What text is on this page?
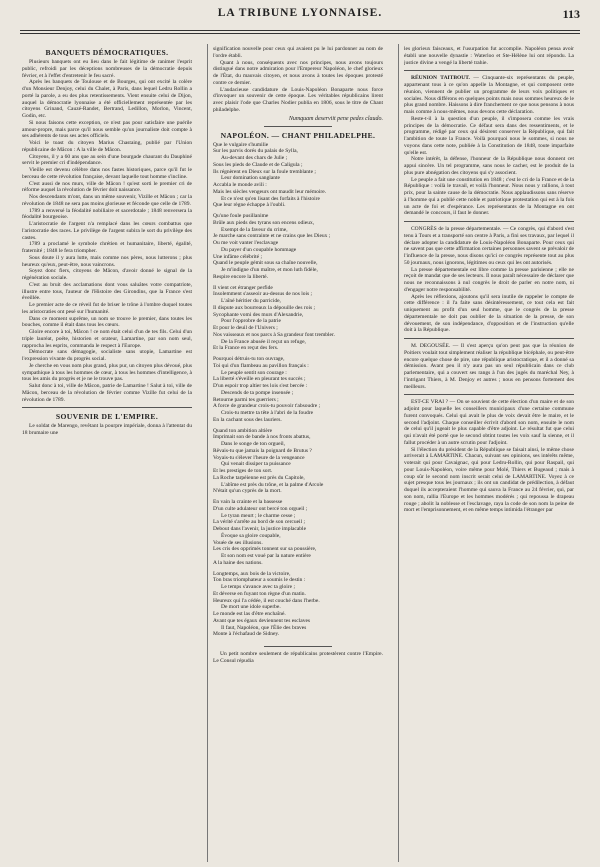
LA TRIBUNE LYONNAISE.	113
BANQUETS DÉMOCRATIQUES.

Plusieurs banquets ont eu lieu dans le fait légitime de ranimer l'esprit public, refroidi par les déceptions nombreuses de la démocratie depuis février, et à l'effet d'entretenir le feu sacré.

Après les banquets de Toulouse et de Bourges, qui ont excité la colère d'un Monsieur Denjoy, celui du Chalet, à Paris, dans lequel Ledru Rollin a porté la parole, a eu des plus retentissements. Vient ensuite celui de Dijon, auquel la démocratie lyonnaise a été officiellement représentée par les citoyens Grinand, Cauzé-Randet, Bertrand, Ledillon, Morlon, Vincent, Godin, etc.

Si nous faisons cette exception, ce n'est pas pour satisfaire une puérile amour-propre, mais parce qu'il nous semble qu'un journaliste doit compte à ses adhérents de tous ses actes officiels.

Voici le toast du citoyen Marius Chastaing, publié par l'Union républicaine de Mâcon : A la ville de Mâcon.

Citoyens, il y a 60 ans que au sein d'une bourgade chaurant du Dauphiné servit le premier cri d'indépendance.

Vieille est devenu célèbre dans nos fastes historiques, parce qu'il fut le berceau de cette révolution française, devant laquelle tout homme s'incline.

C'est aussi de nos murs, ville de Mâcon ! qu'est sorti le premier cri de réforme auquel la révolution de février doit naissance.

Nos descendants m'ont, dans un même souvenir, Vizille et Mâcon ; car la révolution de 1848 ne sera pas moins glorieuse et féconde que celle de 1789.

1789 a renversé la féodalité nobiliaire et sacerdotale ; 1848 renversera la féodalité bourgeoise.

L'aristocratie de l'argent n'a remplacé dans les cœurs combattus que l'aristocratie des races. Le privilège de l'argent subira le sort du privilège des castes.

1789 a proclamé le symbole chrétien et humanitaire, liberté, égalité, fraternité ; 1848 le fera triompher.

Sous doute il y aura lutte, mais comme nos pères, nous lutterons ; plus heureux qu'eux, peut-être, nous vaincrons.

Soyez donc fiers, citoyens de Mâcon, d'avoir donné le signal de la régénération sociale.

C'est au bruit des acclamations dont vous saluâtes votre compatriote, illustre entre tous, l'auteur de l'Histoire des Girondins, que la France s'est éveillée.

Le premier acte de ce réveil fut de briser le trône à l'ombre duquel toutes les aristocraties ont pesé sur l'humanité.

Dans ce moment suprême, un nom se trouve le premier, dans toutes les bouches, comme il était dans tous les cœurs.

Gloire encore à toi, Mâcon ! ce nom était celui d'un de tes fils. Celui d'un triple lauréat, poëte, historien et orateur, Lamartine, par son nom seul, rapprocha les esprits, commanda le respect à l'Europe.

Démocrate sans démagogie, socialiste sans utopie, Lamartine est l'expression vivante du progrès social.

Je cherche en vous nom plus grand, plus pur, un citoyen plus dévoué, plus sympathique à tous les hommes de cœur, à tous les hommes d'intelligence, à tous les amis du progrès et je ne le trouve pas.

Salut donc à toi, ville de Mâcon, patrie de Lamartine ! Salut à toi, ville de Mâcon, berceau de la révolution de février comme Vizille fut celui de la révolution de 1789.

SOUVENIR DE L'EMPIRE.

Le soldat de Marengo, revêtant la pourpre impériale, donna à l'attentat du 18 brumaire une

signification nouvelle pour ceux qui avaient pu le lui pardonner au nom de l'ordre établi.

Quant à nous, conséquents avec nos principes, nous avons toujours distingué dans notre admiration pour l'Empereur Napoléon, le chef glorieux de l'État, du mauvais citoyen, et nous avons à toutes les époques protesté contre ce dernier.

L'audacieuse candidature de Louis-Napoléon Bonaparte nous force d'invoquer un souvenir de cette époque. Les véritables républicains lirent avec plaisir l'ode que Charles Nodier publia en 1806, sous le titre de Chant philadelphe.

Numquam deserviit pene pedes claudo.
NAPOLÉON. — CHANT PHILADELPHE.
Que le vulgaire s'humilie
Sur les parvis dorés du palais de Sylla,
Au-devant des chars de Julie ;
Sous les pieds de Claude et de Caligula ;
Ils régnèrent en Dieux sur la foule tremblante ;
Leur domination sanglante
Accabla le monde avili :
Mais les siècles vengeurs ont maudit leur mémoire.
Et ce n'est qu'en lisant des forfaits à l'histoire
Que leur règne échappe à l'oubli.
Qu'une foule pusillanime
Brûle aux pieds des tyrans son encens odieux,
Exempt de la faveur du crime,
Je marche sans contrainte et ne crains que les Dieux ;
Ou me voit vanter l'esclavage
Du payer d'un coupable hommage
Une infâme célébrité ;
Quand le peuple gémit sous sa chaîne nouvelle,
Je m'indigne d'un maître, et mon luth fidèle,
Respire encore la liberté.
Il vient cet étranger perfide
Insolemment s'asseoir au-dessus de nos lois ;
L'aîné héritier du parricide,
Il dispute aux bourreaux la dépouille des rois ;
Sycophante vomi des murs d'Alexandrie,
Pour l'opprobre de la patrie
Et pour le deuil de l'Univers ;
Nos vaisseaux et nos parcs à Sa grandeur font trembler.
De la France abusée il reçut un refuge,
Et la France en reçut des fers.
Pourquoi détruis-tu ton ouvrage,
Toi qui d'un flambeau au pavillon français :
Le peuple sentit son courage :
La liberté s'éveille en pleurant tes succès ;
D'un espoir trop altier tes lois s'est bercée :
Descends de ta pompe insensée ;
Retourne parmi tes guerriers ;
A force de grandeur crois-tu pouvoir t'absoudre ;
Crois-tu mettre ta tête à l'abri de la foudre
En la cachant sous des lauriers.
Quand ton ambition altière
Imprimait son de bande à nos fronts abattus,
Dans le songe de ton orgueil,
Rêvais-tu que jamais la poignard de Brutus ?
Voyais-tu s'élever l'heure de la vengeance
Qui venait dissiper ta puissance
Et les prestiges de ton sort.
La Roche tarpéienne est près du Capitole,
L'abîme est près du trône, et la palme d'Arcole
N'était qu'un cyprès de la mort.
En vain la crainte et la bassesse
D'un culte adulateur ont bercé ton orgueil ;
Le tyran meurt ; le charme cesse ;
La vérité s'arrête au bord de son cercueil ;
Debout dans l'avenir, la justice implacable
Évoque sa gloire coupable,
Vouée de ses illusions.
Les cris des opprimés tonnent sur sa poussière,
Et son nom est voué par la nature entière
A la haine des nations.
Longtemps, aux bois de la victoire,
Ton bras triomphateur a soumis le destin :
Le temps s'avance avec ta gloire ;
Et déverse en fuyant ton règne d'un matin.
Heureux qui l'a cédée, il est couché dans l'herbe.
De mort une idole superbe.
Le monde est las d'être enchaîné.
Avant que tes égaux deviennent tes esclaves
Il faut, Napoléon, que l'Élie des braves
Monte à l'échafaud de Sidney.

Un petit nombre seulement de républicains protestèrent contre l'Empire. Le Consul répudia

les glorieux faisceaux, et l'usurpation fut accomplie. Napoléon pensa avoir établi une nouvelle dynastie : Waterloo et Ste-Hélène lui ont répondu. La justice divine a vengé la liberté trahie.

RÉUNION TAITBOUT. — Cinquante-six représentants du peuple, appartenant tous à ce qu'on appelle la Montagne, et qui composent cette réunion, viennent de publier un programme de leurs voix politiques et sociales. Nous différons en quelques points mais nous sommes heureux de le plus grand nombre. Haissons à dire franchement ce que nous pensons à nous mais comme à nous-mêmes, nous devons cette déclaration.

Reste-t-il à la question d'un peuple, il s'imposera comme les vrais principes de la démocratie. Ce défaut sera dans des ressentiments, et le programme, rédigé par ceux qui désirent conserver la République, qui fait l'ambition de toute la France. Voilà pourquoi nous le sommes, si nous ne voyons dans cette note, publiée à la Constitution de 1848, toute imparfaite qu'elle est.

Notre intérêt, la défense, l'honneur de la République nous donnent cet appui sincère. Un tel programme, sans nous le cacher, est le produit de la plus pure abnégation des citoyens qui s'y associent.

Le peuple a fait une constitution en 1848 ; c'est le cri de la France et de la République : voilà le travail, et voilà l'honneur. Nous nous y rallions, à tout prix, pour la sainte cause de la démocratie. Nous applaudissons sans réserve à l'homme qui a publié cette noble et patriotique protestation qui est à la fois un acte de foi et d'espérance. Les représentants de la Montagne en ont demandé le concours, il faut le donner.

CONGRÈS de la presse départementale. — Ce congrès, qui d'abord s'est tenu à Tours et a transporté son centre à Paris, a fini ses travaux, par lequel il déclare adopter la candidature de Louis-Napoléon Bonaparte. Pour ceux qui ne savent pas que cette affirmation certaines personnes savent se prévaloir de l'influence de la presse, nous disons qu'ici ce congrès représente tout au plus 50 journaux, nous ignorons, légitimes ou ceux qui les ont autorisés.

La presse départementale est libre comme la presse parisienne ; elle ne reçoit de mandat que de ses lecteurs. Il nous paraît nécessaire de déclarer que nous ne reconnaissons à nul congrès le droit de parler en notre nom, ni d'engager notre responsabilité.

Après les réflexions, ajoutons qu'il sera inutile de rappeler le compte de cette différence : il l'a faite sans désintéressement, ce tout cela est fait uniquement au profit d'un seul homme, que le congrès de la presse départementale ne doit pas oublier de la situation de la presse, de son dévouement, de son indépendance, d'opposition et de l'instruction qu'elle doit à la République.

M. DEGOUSÉE. — Il s'est aperçu qu'on peut pas que la réunion de Poitiers voulait tout simplement réaliser la république bicéphale, ou peut-être encore quelque chose de pire, une république aristocratique, et il a donné sa démission. Avant peu il n'y aura pas un seul républicain dans ce club parlementaire, qui a couvert ses rangs à l'un des jugés du maréchal Ney, à l'intrigant Thiers, à M. Denjoy et autres ; nous en pensons fortement des meilleurs.

EST-CE VRAI ? — On se souvient de cette élection d'un maire et de son adjoint pour laquelle les conseillers municipaux d'une certaine commune furent convoqués. Celui qui avait le plus de voix devait être le maire, et le second l'adjoint. Chaque conseiller écrivit d'abord son nom, ensuite le nom de celui qu'il jugeait le plus capable d'être adjoint. Le résultat fut que celui qui n'avait été porté que le second obtint toutes les voix sauf la sienne, et il fallut procéder à un autre scrutin pour l'adjoint.

Si l'élection du président de la République se faisait ainsi, le même chose arriverait à LAMARTINE. Chacun, suivant ses opinions, ses intérêts même, voterait qui pour Cavaignac, qui pour Ledru-Rollin, qui pour Raspail, qui pour Louis-Napoléon, voire même pour Molé, Thiers et Bugeaud ; mais à coup sûr le second nom inscrit serait celui de LAMARTINE. Voyez à ce sujet presque tous les journaux ; ils ont un candidat de prédilection, à défaut duquel ils accepteraient l'homme qui sauva la France au 24 février, qui, par son nom, rallia l'Europe et les hommes modérés ; qui repoussa le drapeau rouge ; abolit la noblesse et l'esclavage, raya la code de son nom la peine de mort et l'emprisonnement, et en même temps intimida l'étranger par
